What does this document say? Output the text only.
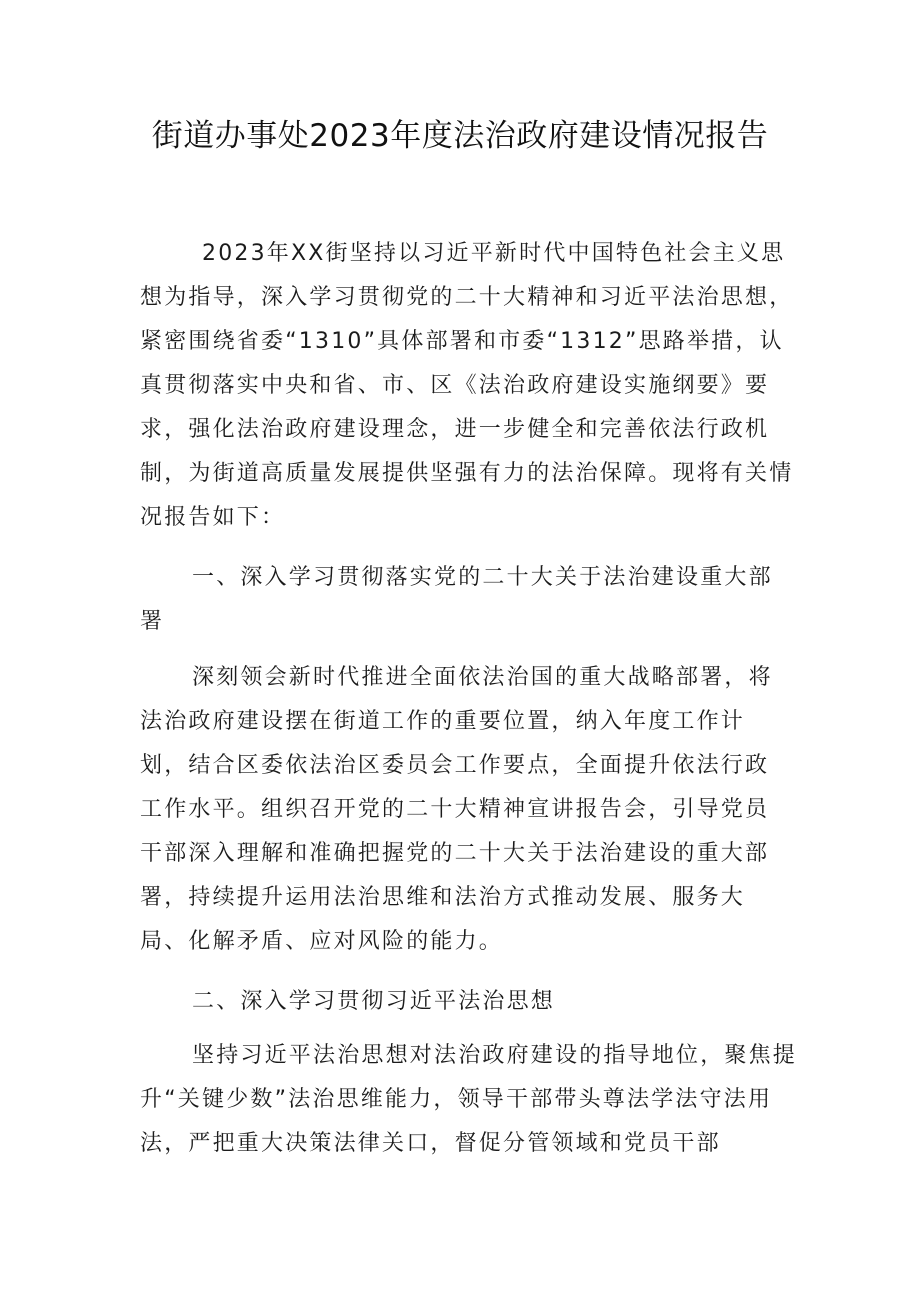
街道办事处2023年度法治政府建设情况报告

2023年XX街坚持以习近平新时代中国特色社会主义思想为指导，深入学习贯彻党的二十大精神和习近平法治思想，紧密围绕省委“1310”具体部署和市委“1312”思路举措，认真贯彻落实中央和省、市、区《法治政府建设实施纲要》要求，强化法治政府建设理念，进一步健全和完善依法行政机制，为街道高质量发展提供坚强有力的法治保障。现将有关情况报告如下：

一、深入学习贯彻落实党的二十大关于法治建设重大部署

深刻领会新时代推进全面依法治国的重大战略部署，将法治政府建设摆在街道工作的重要位置，纳入年度工作计划，结合区委依法治区委员会工作要点，全面提升依法行政工作水平。组织召开党的二十大精神宣讲报告会，引导党员干部深入理解和准确把握党的二十大关于法治建设的重大部署，持续提升运用法治思维和法治方式推动发展、服务大局、化解矛盾、应对风险的能力。

二、深入学习贯彻习近平法治思想

坚持习近平法治思想对法治政府建设的指导地位，聚焦提升“关键少数”法治思维能力，领导干部带头尊法学法守法用法，严把重大决策法律关口，督促分管领域和党员干部
